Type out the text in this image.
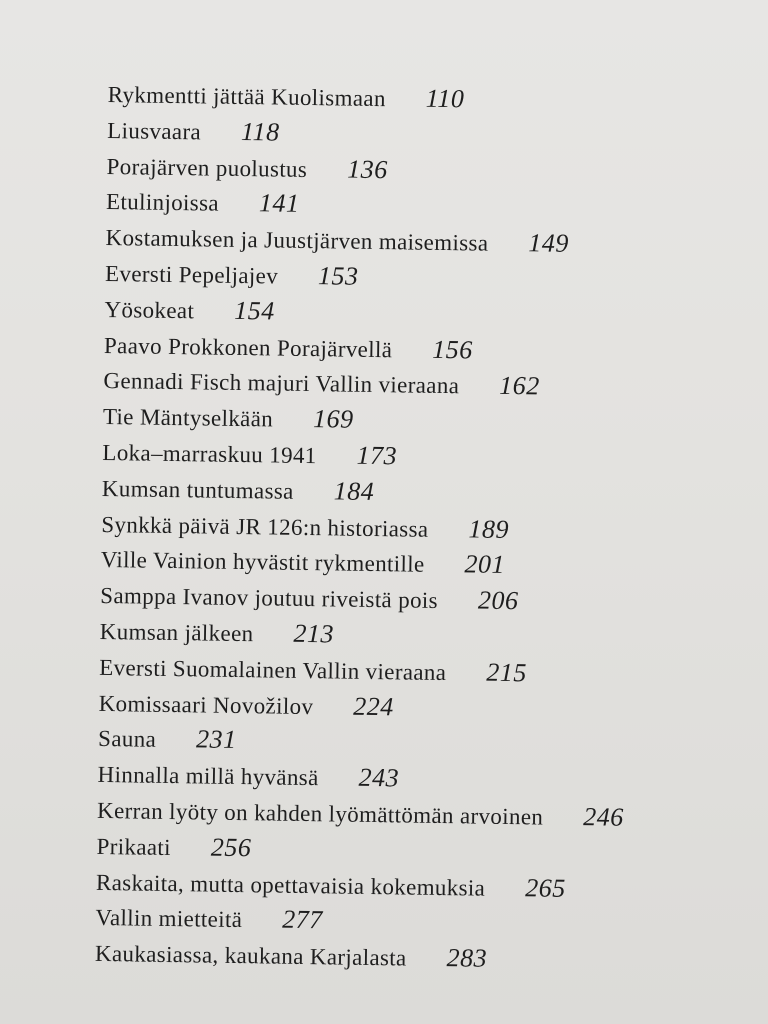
Rykmentti jättää Kuolismaan 110
Liusvaara 118
Porajärven puolustus 136
Etulinjoissa 141
Kostamuksen ja Juustjärven maisemissa 149
Eversti Pepeljajev 153
Yösokeat 154
Paavo Prokkonen Porajärvellä 156
Gennadi Fisch majuri Vallin vieraana 162
Tie Mäntyselkään 169
Loka–marraskuu 1941 173
Kumsan tuntumassa 184
Synkkä päivä JR 126:n historiassa 189
Ville Vainion hyvästit rykmentille 201
Samppa Ivanov joutuu riveistä pois 206
Kumsan jälkeen 213
Eversti Suomalainen Vallin vieraana 215
Komissaari Novožilov 224
Sauna 231
Hinnalla millä hyvänsä 243
Kerran lyöty on kahden lyömättömän arvoinen 246
Prikaati 256
Raskaita, mutta opettavaisia kokemuksia 265
Vallin mietteitä 277
Kaukasiassa, kaukana Karjalasta 283
